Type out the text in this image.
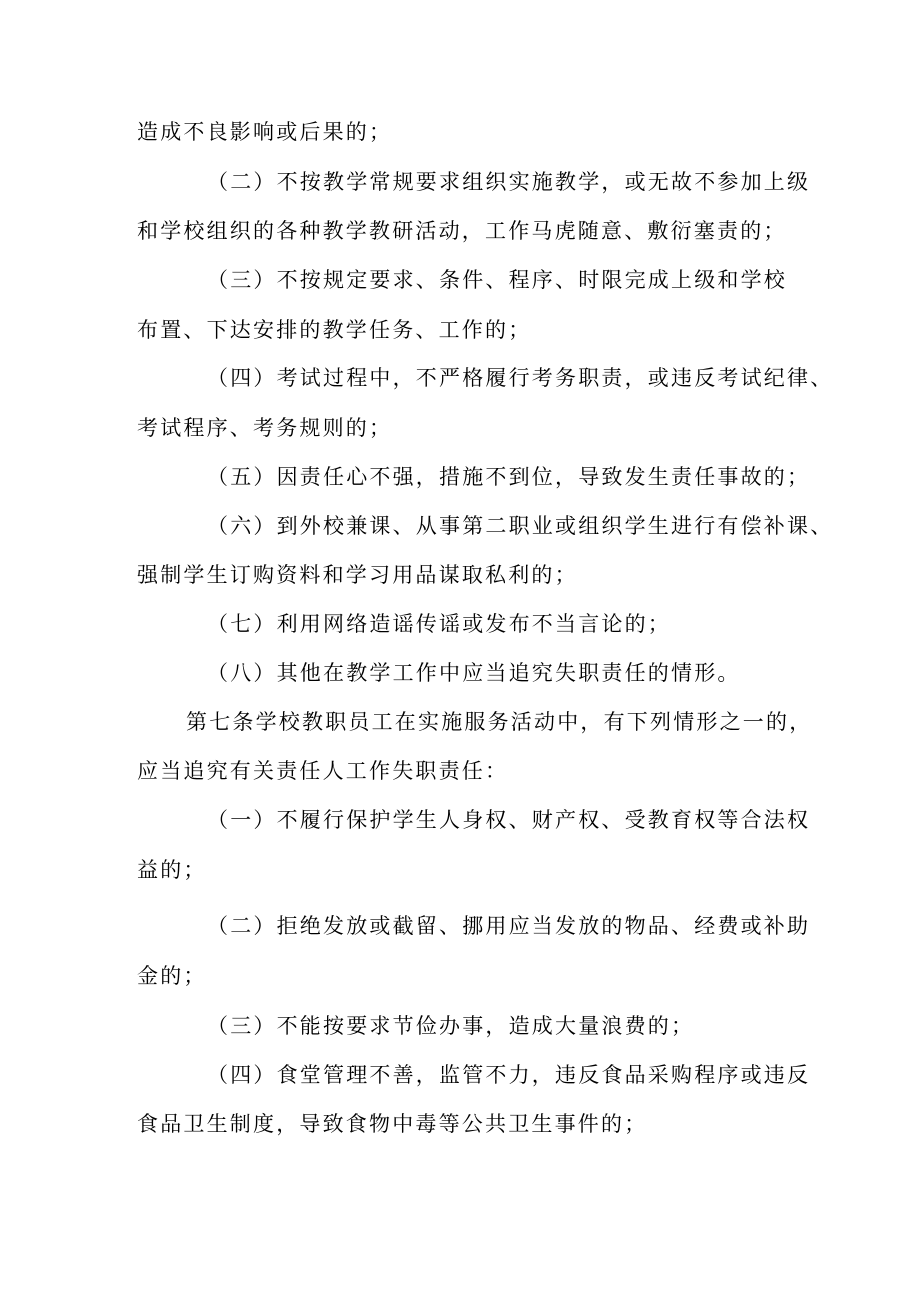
造成不良影响或后果的；
（二）不按教学常规要求组织实施教学，或无故不参加上级
和学校组织的各种教学教研活动，工作马虎随意、敷衍塞责的；
（三）不按规定要求、条件、程序、时限完成上级和学校
布置、下达安排的教学任务、工作的；
（四）考试过程中，不严格履行考务职责，或违反考试纪律、
考试程序、考务规则的；
（五）因责任心不强，措施不到位，导致发生责任事故的；
（六）到外校兼课、从事第二职业或组织学生进行有偿补课、
强制学生订购资料和学习用品谋取私利的；
（七）利用网络造谣传谣或发布不当言论的；
（八）其他在教学工作中应当追究失职责任的情形。
第七条学校教职员工在实施服务活动中，有下列情形之一的，
应当追究有关责任人工作失职责任：
（一）不履行保护学生人身权、财产权、受教育权等合法权
益的；
（二）拒绝发放或截留、挪用应当发放的物品、经费或补助
金的；
（三）不能按要求节俭办事，造成大量浪费的；
（四）食堂管理不善，监管不力，违反食品采购程序或违反
食品卫生制度，导致食物中毒等公共卫生事件的；
